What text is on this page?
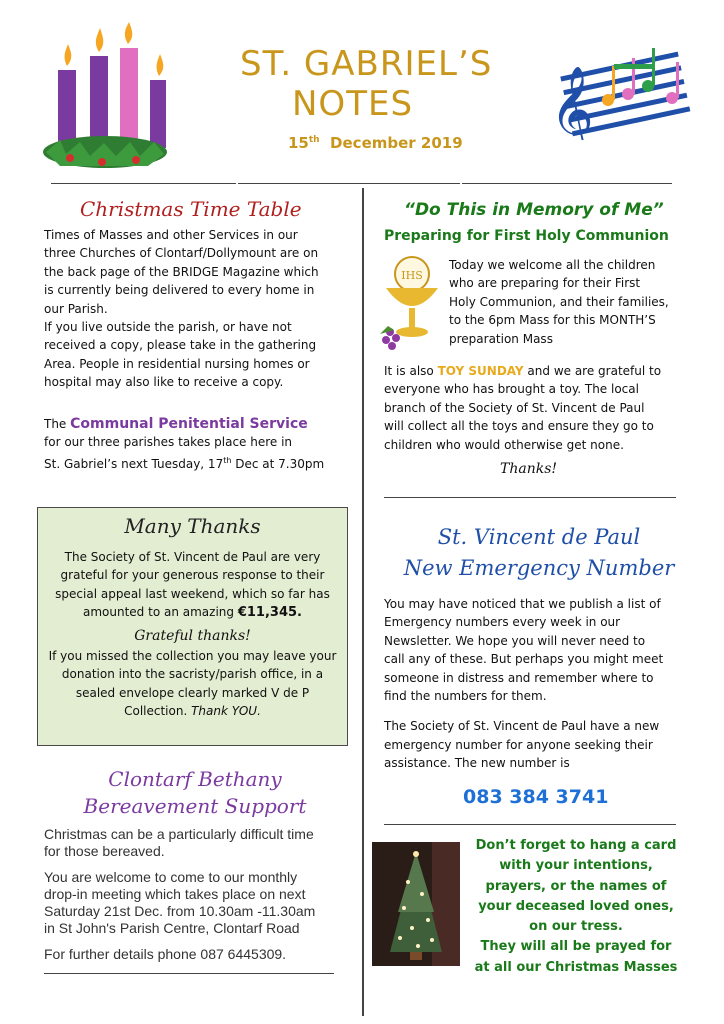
ST. GABRIEL’S
NOTES
15th December 2019 𝄞
Christmas Time Table
Times of Masses and other Services in our
three Churches of Clontarf/Dollymount are on
the back page of the BRIDGE Magazine which
is currently being delivered to every home in
our Parish.
If you live outside the parish, or have not
received a copy, please take in the gathering
Area. People in residential nursing homes or
hospital may also like to receive a copy.
The Communal Penitential Service
for our three parishes takes place here in
St. Gabriel’s next Tuesday, 17th Dec at 7.30pm
Many Thanks
The Society of St. Vincent de Paul are very
grateful for your generous response to their
special appeal last weekend, which so far has
amounted to an amazing €11,345.
Grateful thanks!
If you missed the collection you may leave your
donation into the sacristy/parish office, in a
sealed envelope clearly marked V de P
Collection. Thank YOU.
Clontarf Bethany
Bereavement Support
Christmas can be a particularly difficult time
for those bereaved.
You are welcome to come to our monthly
drop-in meeting which takes place on next
Saturday 21st Dec. from 10.30am -11.30am
in St John's Parish Centre, Clontarf Road
For further details phone 087 6445309.
“Do This in Memory of Me”
Preparing for First Holy Communion
IHS
Today we welcome all the children
who are preparing for their First
Holy Communion, and their families,
to the 6pm Mass for this MONTH’S
preparation Mass
It is also TOY SUNDAY and we are grateful to
everyone who has brought a toy. The local
branch of the Society of St. Vincent de Paul
will collect all the toys and ensure they go to
children who would otherwise get none.
Thanks!
St. Vincent de Paul
New Emergency Number
You may have noticed that we publish a list of
Emergency numbers every week in our
Newsletter. We hope you will never need to
call any of these. But perhaps you might meet
someone in distress and remember where to
find the numbers for them.
The Society of St. Vincent de Paul have a new
emergency number for anyone seeking their
assistance. The new number is
083 384 3741
Don’t forget to hang a card
with your intentions,
prayers, or the names of
your deceased loved ones,
on our tress.
They will all be prayed for
at all our Christmas Masses
